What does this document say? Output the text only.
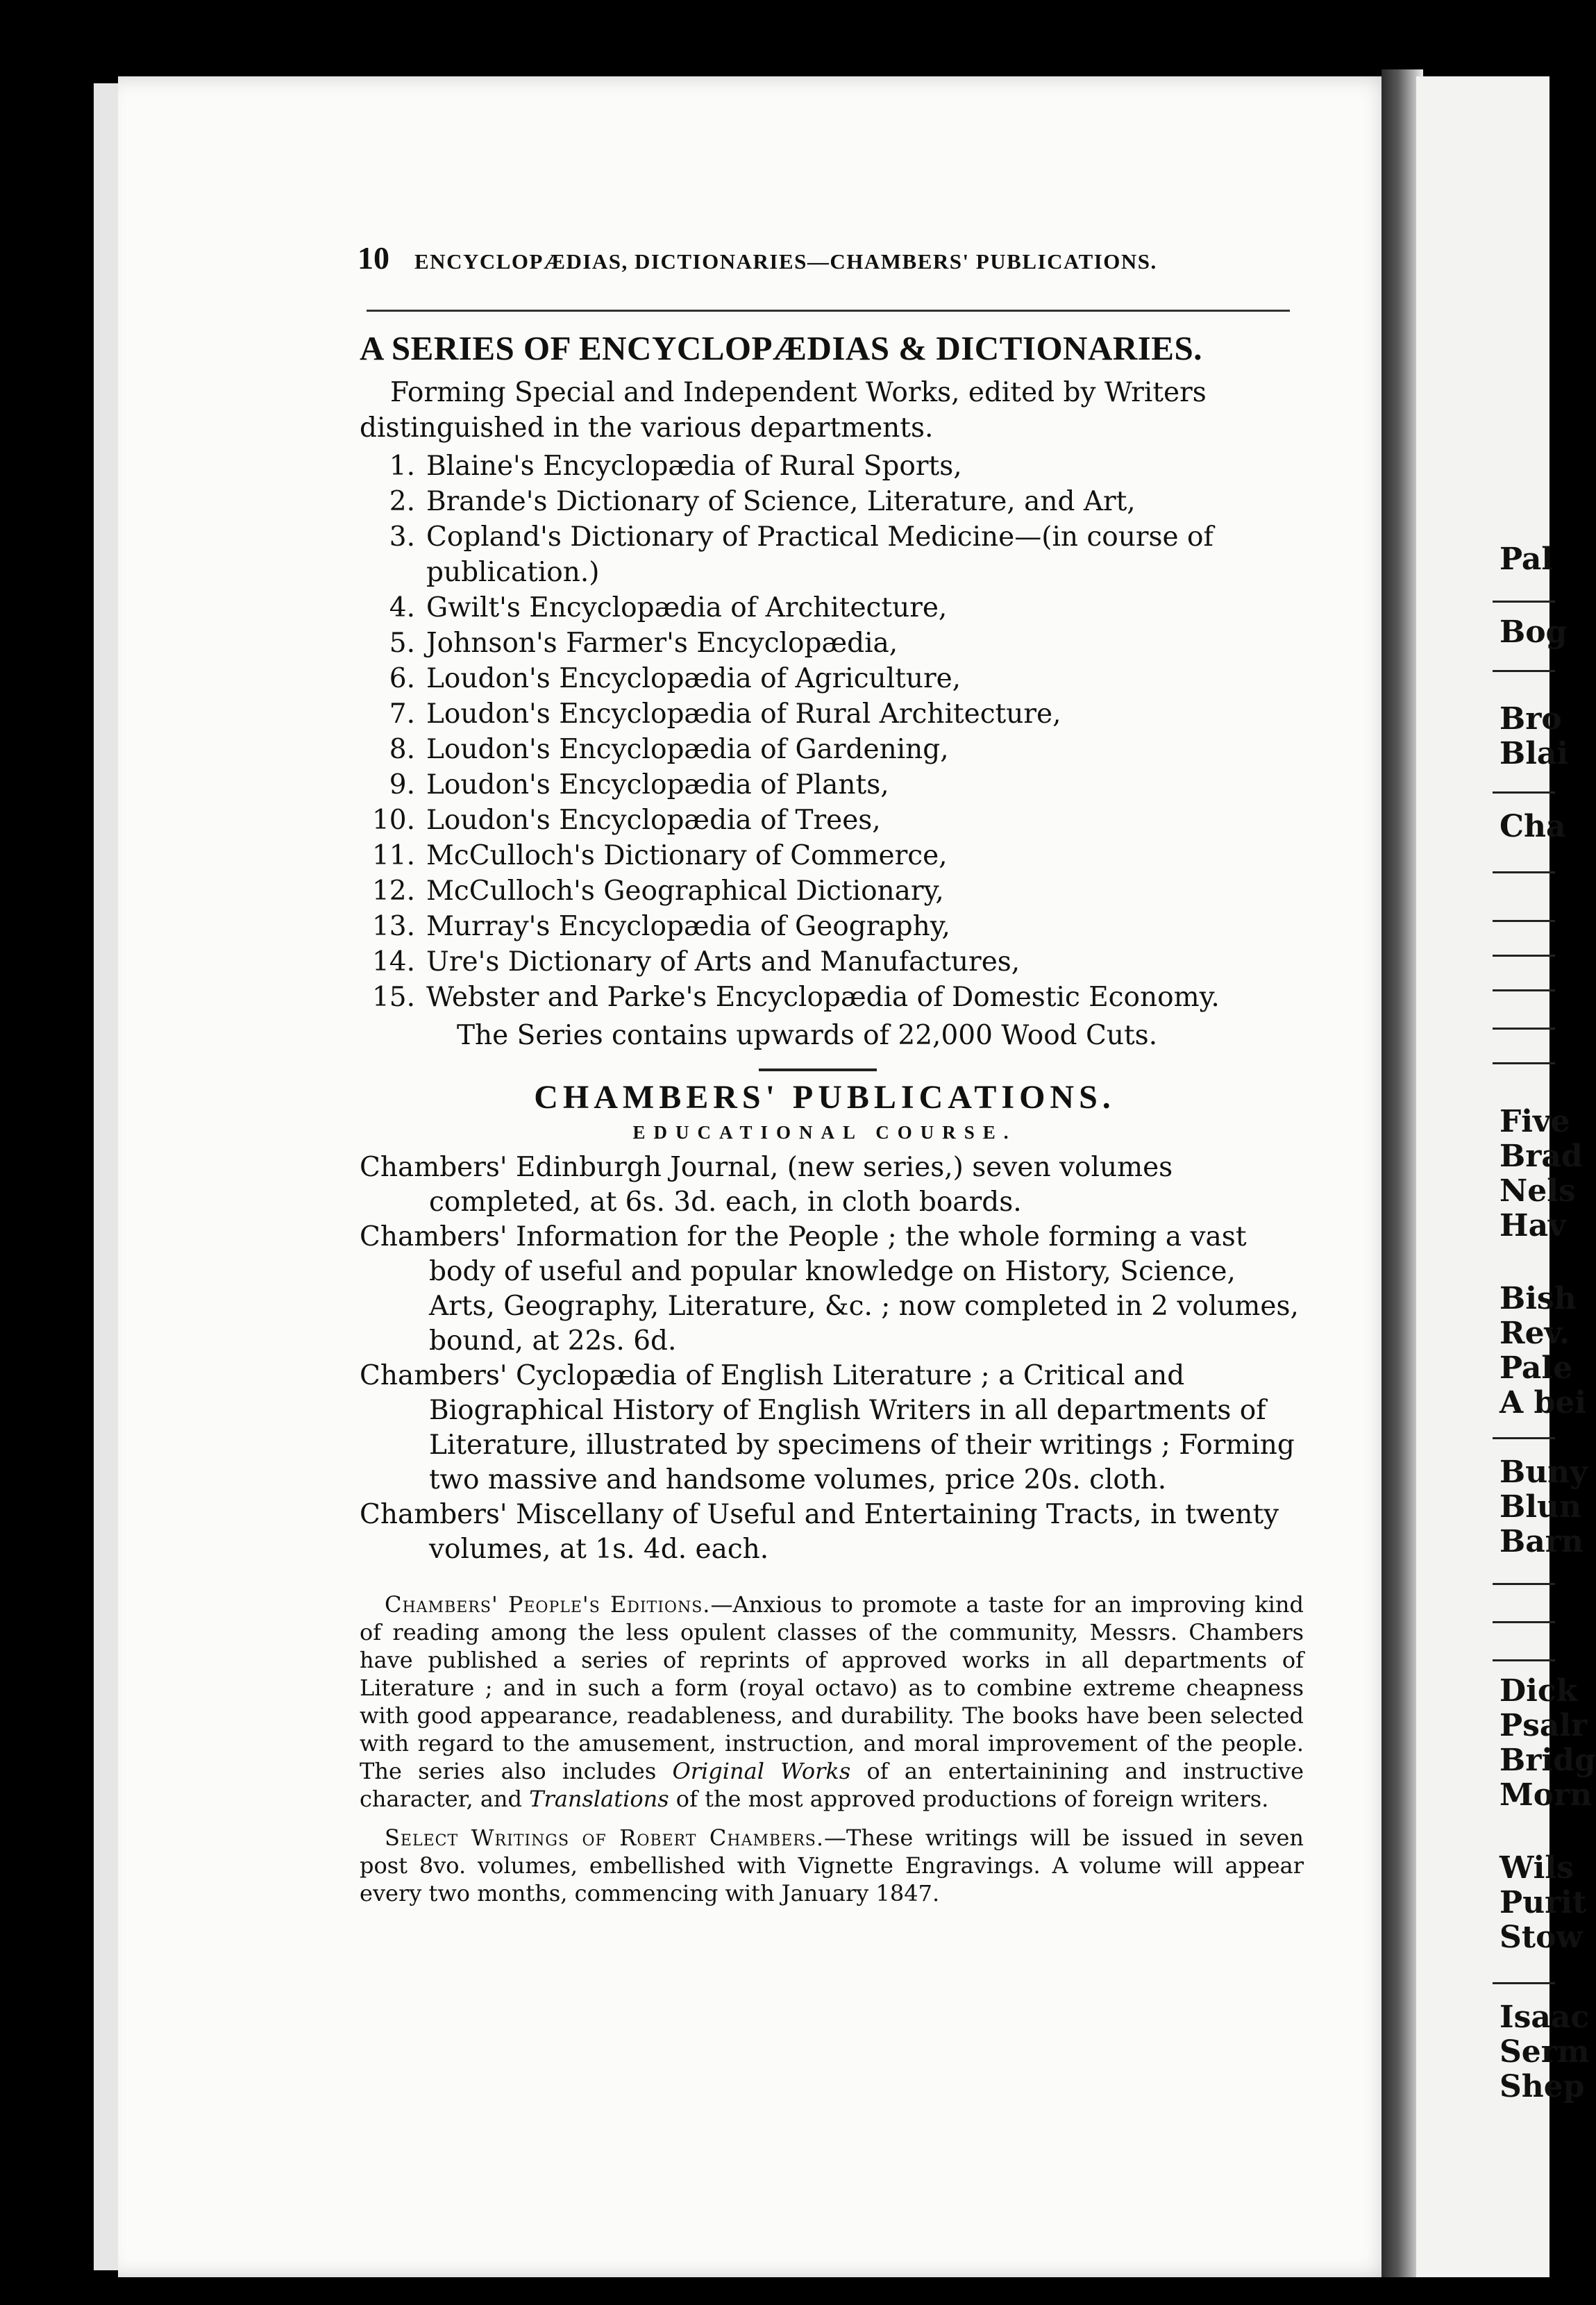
Pal
Bog
Bro
Blai
Cha
Five
Brad
Nels
Hav
Bish
Rev.
Pale
A bei
Buny
Blun
Barn
Dick
Psalr
Bridg
Morn
Wils
Purit
Stow
Isaac
Serm
Shep
10 ENCYCLOPÆDIAS, DICTIONARIES—CHAMBERS' PUBLICATIONS.
A SERIES OF ENCYCLOPÆDIAS & DICTIONARIES.

Forming Special and Independent Works, edited by Writers distinguished in the various departments.

1. Blaine's Encyclopædia of Rural Sports,
2. Brande's Dictionary of Science, Literature, and Art,
3. Copland's Dictionary of Practical Medicine—(in course of publication.)
4. Gwilt's Encyclopædia of Architecture,
5. Johnson's Farmer's Encyclopædia,
6. Loudon's Encyclopædia of Agriculture,
7. Loudon's Encyclopædia of Rural Architecture,
8. Loudon's Encyclopædia of Gardening,
9. Loudon's Encyclopædia of Plants,
10. Loudon's Encyclopædia of Trees,
11. McCulloch's Dictionary of Commerce,
12. McCulloch's Geographical Dictionary,
13. Murray's Encyclopædia of Geography,
14. Ure's Dictionary of Arts and Manufactures,
15. Webster and Parke's Encyclopædia of Domestic Economy.

The Series contains upwards of 22,000 Wood Cuts.

CHAMBERS' PUBLICATIONS.
EDUCATIONAL COURSE.

Chambers' Edinburgh Journal, (new series,) seven volumes completed, at 6s. 3d. each, in cloth boards.

Chambers' Information for the People ; the whole forming a vast body of useful and popular knowledge on History, Science, Arts, Geography, Literature, &c. ; now completed in 2 volumes, bound, at 22s. 6d.

Chambers' Cyclopædia of English Literature ; a Critical and Biographical History of English Writers in all departments of Literature, illustrated by specimens of their writings ; Forming two massive and handsome volumes, price 20s. cloth.

Chambers' Miscellany of Useful and Entertaining Tracts, in twenty volumes, at 1s. 4d. each.

Chambers' People's Editions.—Anxious to promote a taste for an improving kind of reading among the less opulent classes of the community, Messrs. Chambers have published a series of reprints of approved works in all departments of Literature ; and in such a form (royal octavo) as to combine extreme cheapness with good appearance, readableness, and durability. The books have been selected with regard to the amusement, instruction, and moral improvement of the people. The series also includes Original Works of an entertainining and instructive character, and Translations of the most approved productions of foreign writers.

Select Writings of Robert Chambers.—These writings will be issued in seven post 8vo. volumes, embellished with Vignette Engravings. A volume will appear every two months, commencing with January 1847.
